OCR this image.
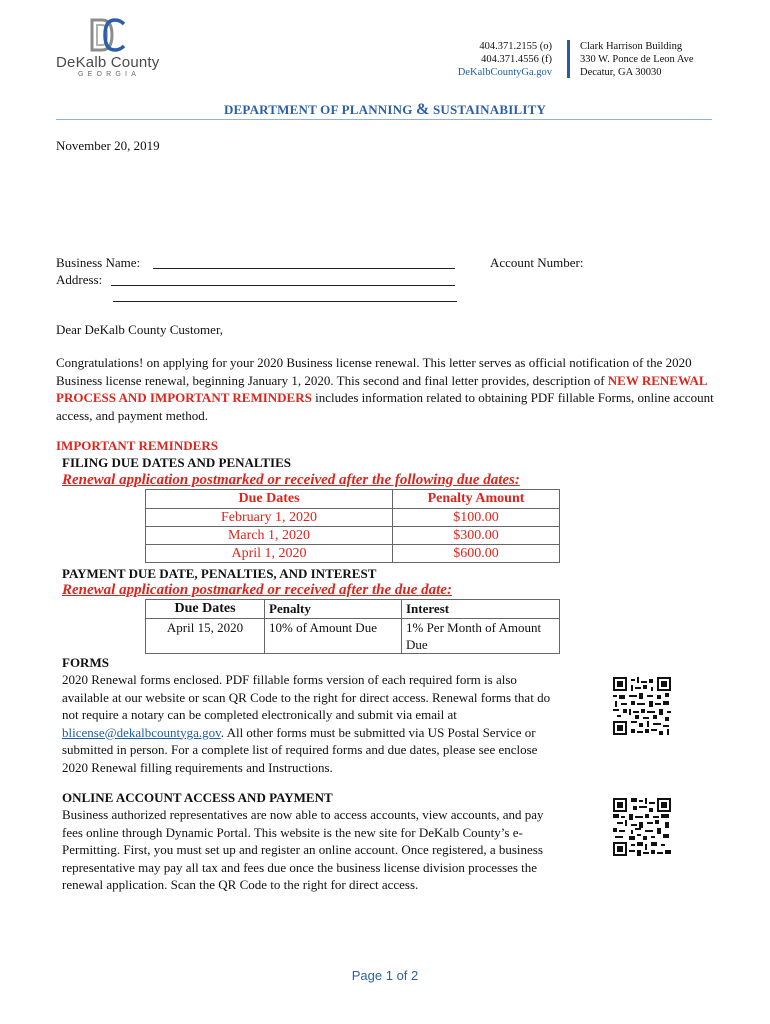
DeKalb County
GEORGIA
404.371.2155 (o)
404.371.4556 (f)
DeKalbCountyGa.gov
Clark Harrison Building
330 W. Ponce de Leon Ave
Decatur, GA 30030
DEPARTMENT OF PLANNING & SUSTAINABILITY
November 20, 2019
Business Name:	Account Number:
Address:
Dear DeKalb County Customer,
Congratulations! on applying for your 2020 Business license renewal. This letter serves as official notification of the 2020 Business license renewal, beginning January 1, 2020. This second and final letter provides, description of NEW RENEWAL PROCESS AND IMPORTANT REMINDERS includes information related to obtaining PDF fillable Forms, online account access, and payment method.
IMPORTANT REMINDERS
FILING DUE DATES AND PENALTIES
Renewal application postmarked or received after the following due dates:
Due Dates	Penalty Amount
February 1, 2020	$100.00
March 1, 2020	$300.00
April 1, 2020	$600.00
PAYMENT DUE DATE, PENALTIES, AND INTEREST
Renewal application postmarked or received after the due date:
Due Dates	Penalty	Interest
April 15, 2020	10% of Amount Due	1% Per Month of Amount Due
FORMS
2020 Renewal forms enclosed. PDF fillable forms version of each required form is also available at our website or scan QR Code to the right for direct access. Renewal forms that do not require a notary can be completed electronically and submit via email at blicense@dekalbcountyga.gov. All other forms must be submitted via US Postal Service or submitted in person. For a complete list of required forms and due dates, please see enclose 2020 Renewal filling requirements and Instructions.
ONLINE ACCOUNT ACCESS AND PAYMENT
Business authorized representatives are now able to access accounts, view accounts, and pay fees online through Dynamic Portal. This website is the new site for DeKalb County’s e-Permitting. First, you must set up and register an online account. Once registered, a business representative may pay all tax and fees due once the business license division processes the renewal application. Scan the QR Code to the right for direct access.
Page 1 of 2
